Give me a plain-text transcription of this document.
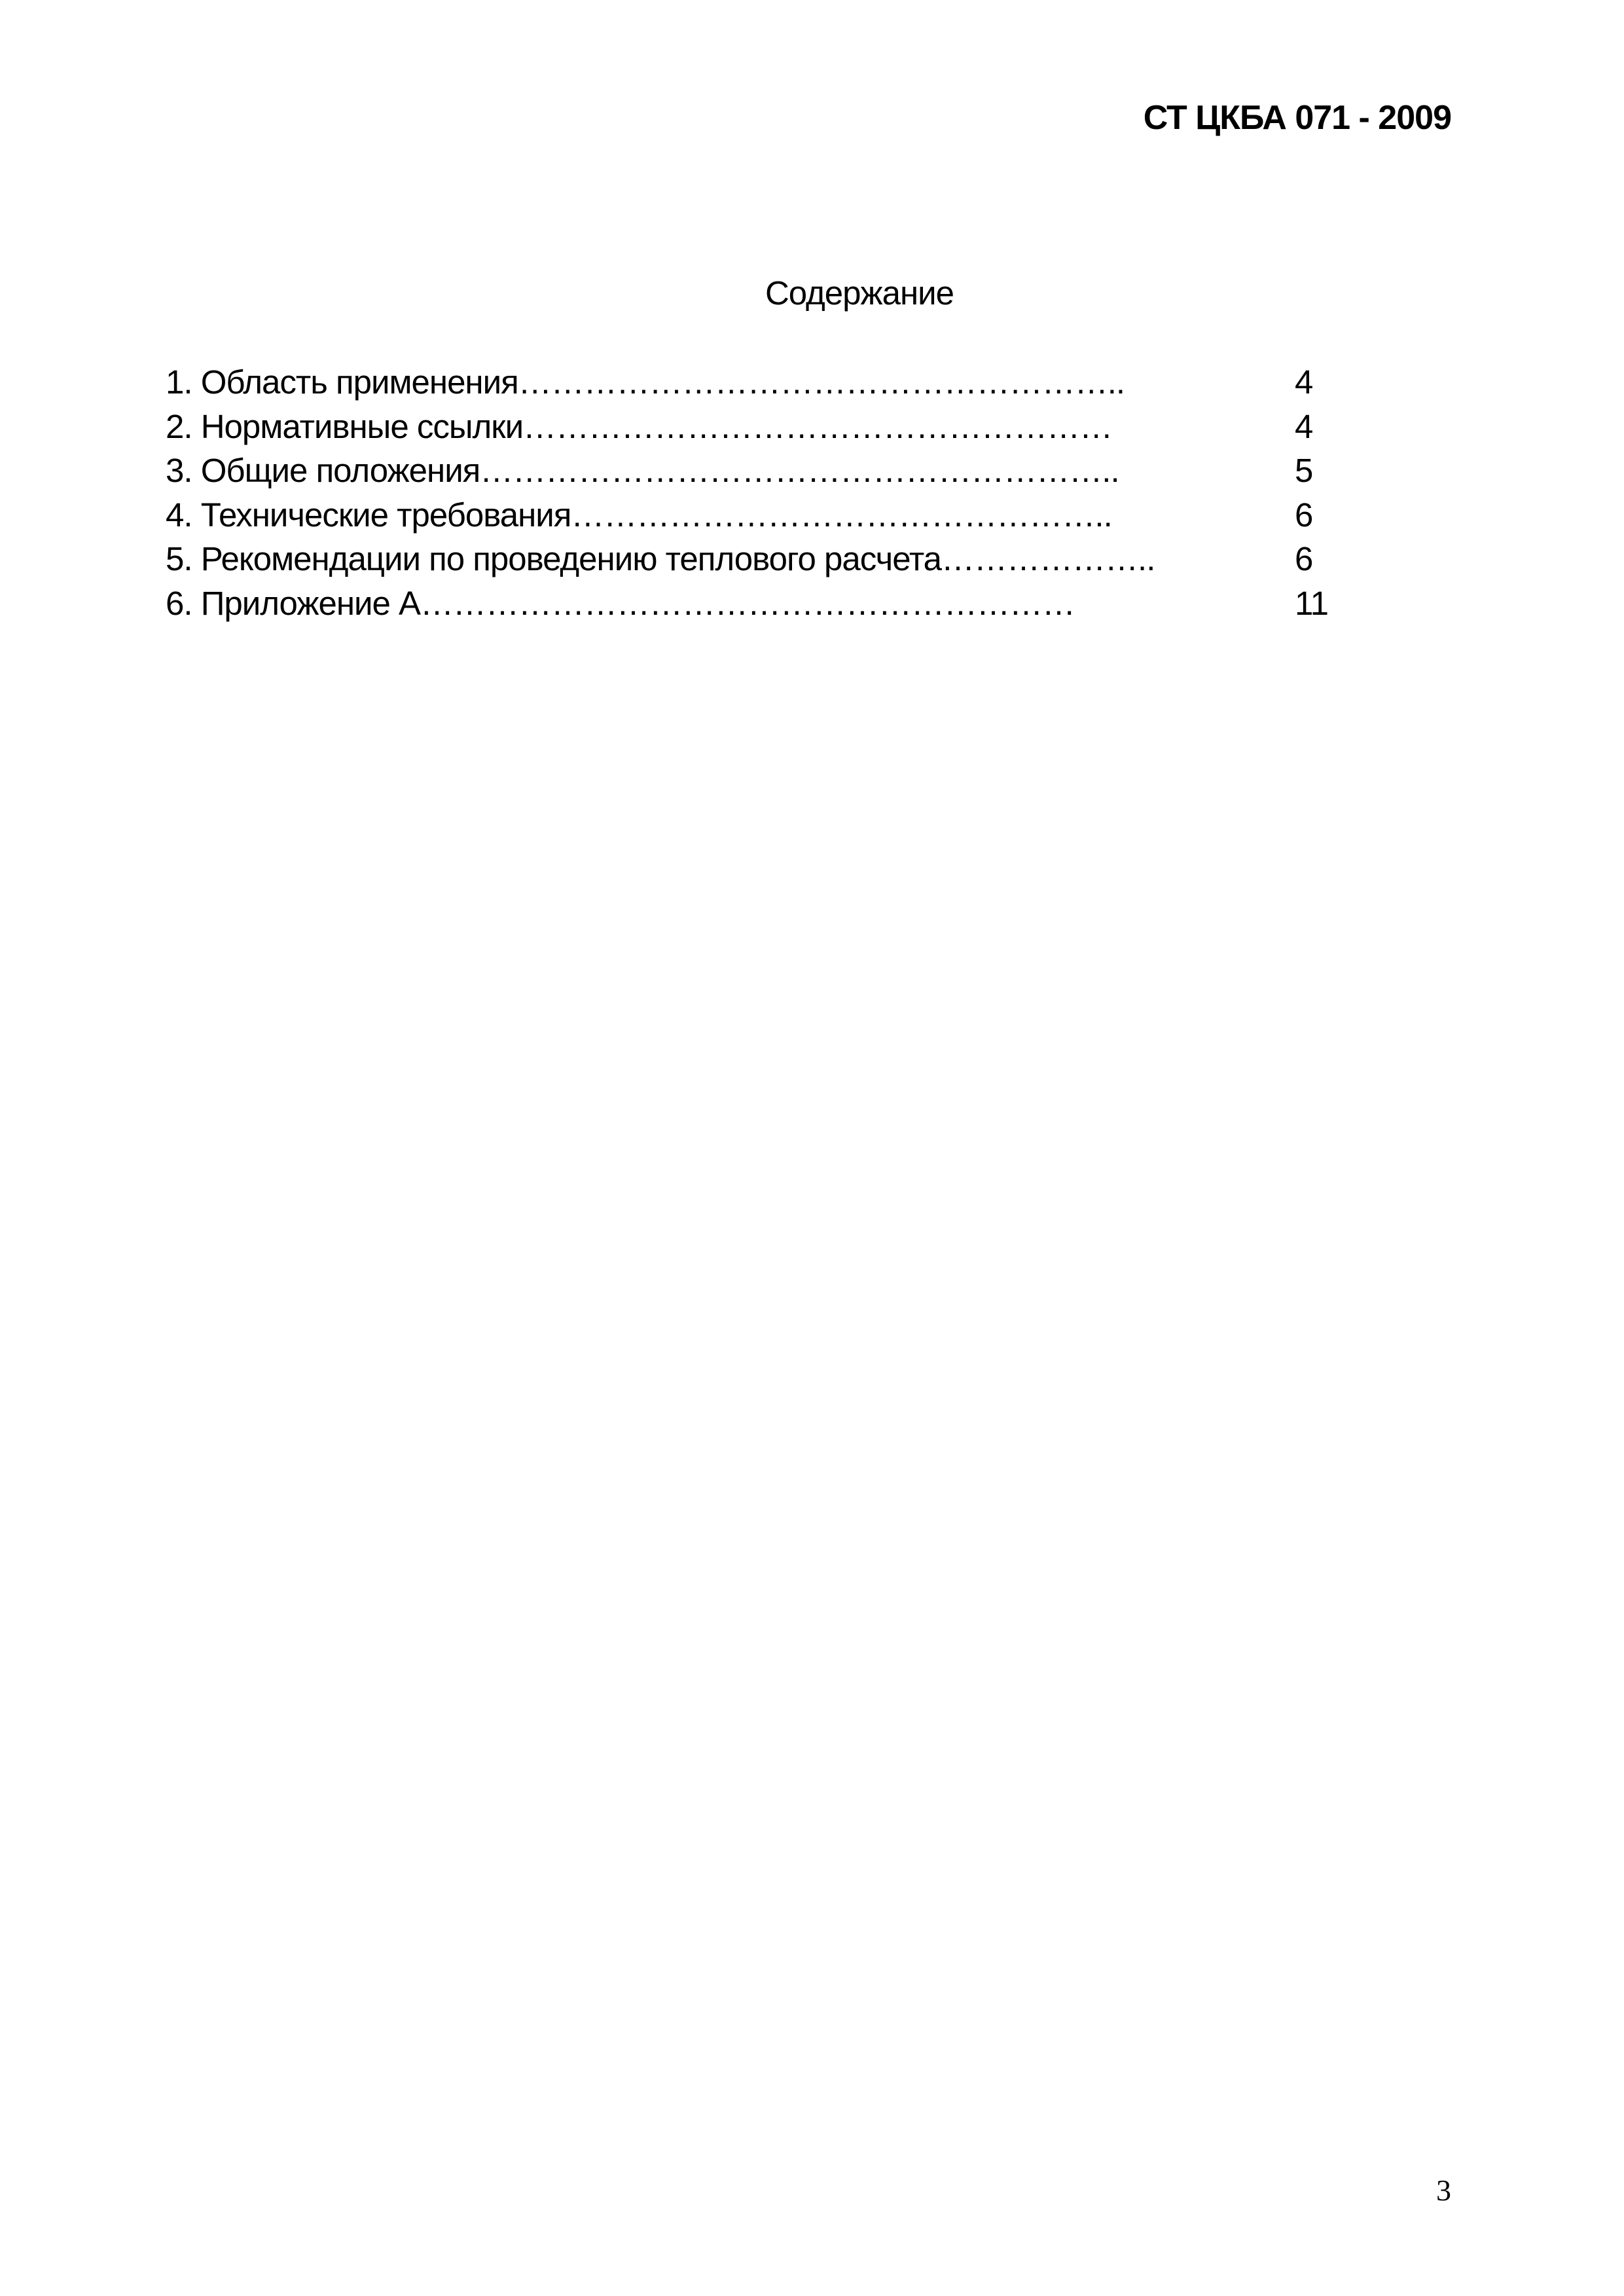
СТ ЦКБА 071 - 2009
Содержание
1. Область применения………………………………………………..	4
2. Нормативные ссылки………………………………………………	4
3. Общие положения…………………………………………………..	5
4. Технические требования…………………………………………..	6
5. Рекомендации по проведению теплового расчета………………..	6
6. Приложение А……………………………………………………	11
3
